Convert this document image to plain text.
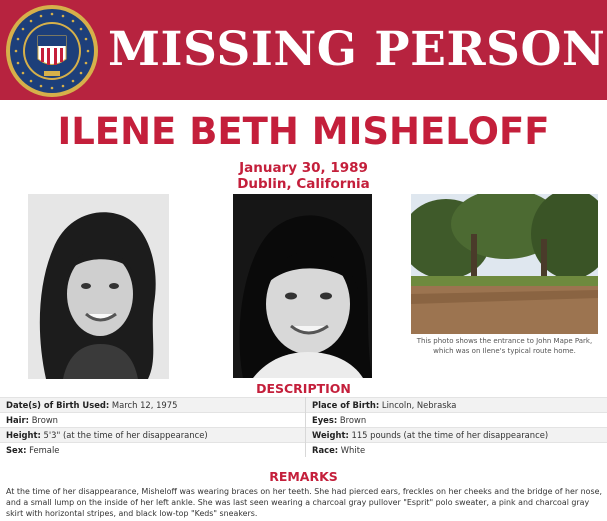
MISSING PERSON
ILENE BETH MISHELOFF
January 30, 1989
Dublin, California
This photo shows the entrance to John Mape Park, which was on Ilene's typical route home.
DESCRIPTION
Date(s) of Birth Used: March 12, 1975	Place of Birth: Lincoln, Nebraska
Hair: Brown	Eyes: Brown
Height: 5'3" (at the time of her disappearance)	Weight: 115 pounds (at the time of her disappearance)
Sex: Female	Race: White
REMARKS
At the time of her disappearance, Misheloff was wearing braces on her teeth. She had pierced ears, freckles on her cheeks and the bridge of her nose, and a small lump on the inside of her left ankle. She was last seen wearing a charcoal gray pullover "Esprit" polo sweater, a pink and charcoal gray skirt with horizontal stripes, and black low-top "Keds" sneakers.
